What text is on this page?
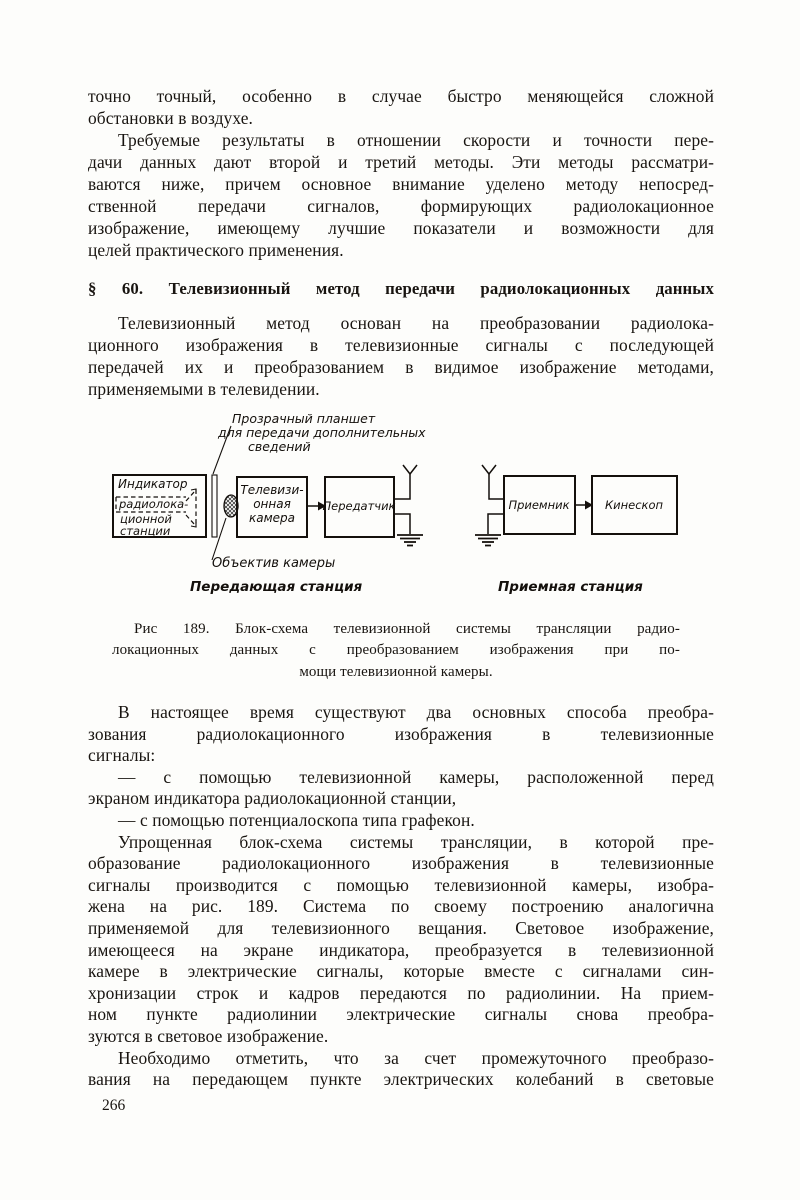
точно точный, особенно в случае быстро меняющейся сложной
обстановки в воздухе.
Требуемые результаты в отношении скорости и точности пере-
дачи данных дают второй и третий методы. Эти методы рассматри-
ваются ниже, причем основное внимание уделено методу непосред-
ственной передачи сигналов, формирующих радиолокационное
изображение, имеющему лучшие показатели и возможности для
целей практического применения.
§ 60. Телевизионный метод передачи радиолокационных данных
Телевизионный метод основан на преобразовании радиолока-
ционного изображения в телевизионные сигналы с последующей
передачей их и преобразованием в видимое изображение методами,
применяемыми в телевидении.
Прозрачный планшет
для передачи дополнительных
сведений
Индикатор
радиолока-
ционной
станции
Телевизи-
онная
камера
Передатчик	Приемник	Кинескоп
Объектив камеры
Передающая станция	Приемная станция
Рис 189. Блок-схема телевизионной системы трансляции радио-
локационных данных с преобразованием изображения при по-
мощи телевизионной камеры.
В настоящее время существуют два основных способа преобра-
зования радиолокационного изображения в телевизионные
сигналы:
— с помощью телевизионной камеры, расположенной перед
экраном индикатора радиолокационной станции,
— с помощью потенциалоскопа типа графекон.
Упрощенная блок-схема системы трансляции, в которой пре-
образование радиолокационного изображения в телевизионные
сигналы производится с помощью телевизионной камеры, изобра-
жена на рис. 189. Система по своему построению аналогична
применяемой для телевизионного вещания. Световое изображение,
имеющееся на экране индикатора, преобразуется в телевизионной
камере в электрические сигналы, которые вместе с сигналами син-
хронизации строк и кадров передаются по радиолинии. На прием-
ном пункте радиолинии электрические сигналы снова преобра-
зуются в световое изображение.
Необходимо отметить, что за счет промежуточного преобразо-
вания на передающем пункте электрических колебаний в световые
266
